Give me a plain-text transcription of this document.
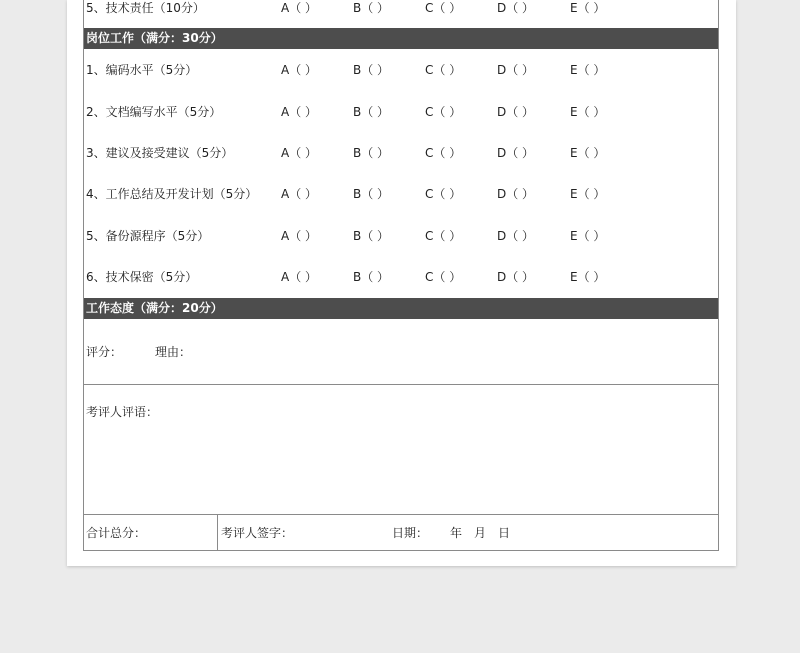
5、技术责任（10分）	A（ ）	B（ ）	C（ ）	D（ ）	E（ ）
岗位工作（满分：30分）
1、编码水平（5分）	A（ ）	B（ ）	C（ ）	D（ ）	E（ ）
2、文档编写水平（5分）	A（ ）	B（ ）	C（ ）	D（ ）	E（ ）
3、建议及接受建议（5分）	A（ ）	B（ ）	C（ ）	D（ ）	E（ ）
4、工作总结及开发计划（5分） A（ ）	B（ ）	C（ ）	D（ ）	E（ ）
5、备份源程序（5分）	A（ ）	B（ ）	C（ ）	D（ ）	E（ ）
6、技术保密（5分）	A（ ）	B（ ）	C（ ）	D（ ）	E（ ）
工作态度（满分：20分）
评分：	理由：
考评人评语：
合计总分：	考评人签字：	日期： 年 月 日
